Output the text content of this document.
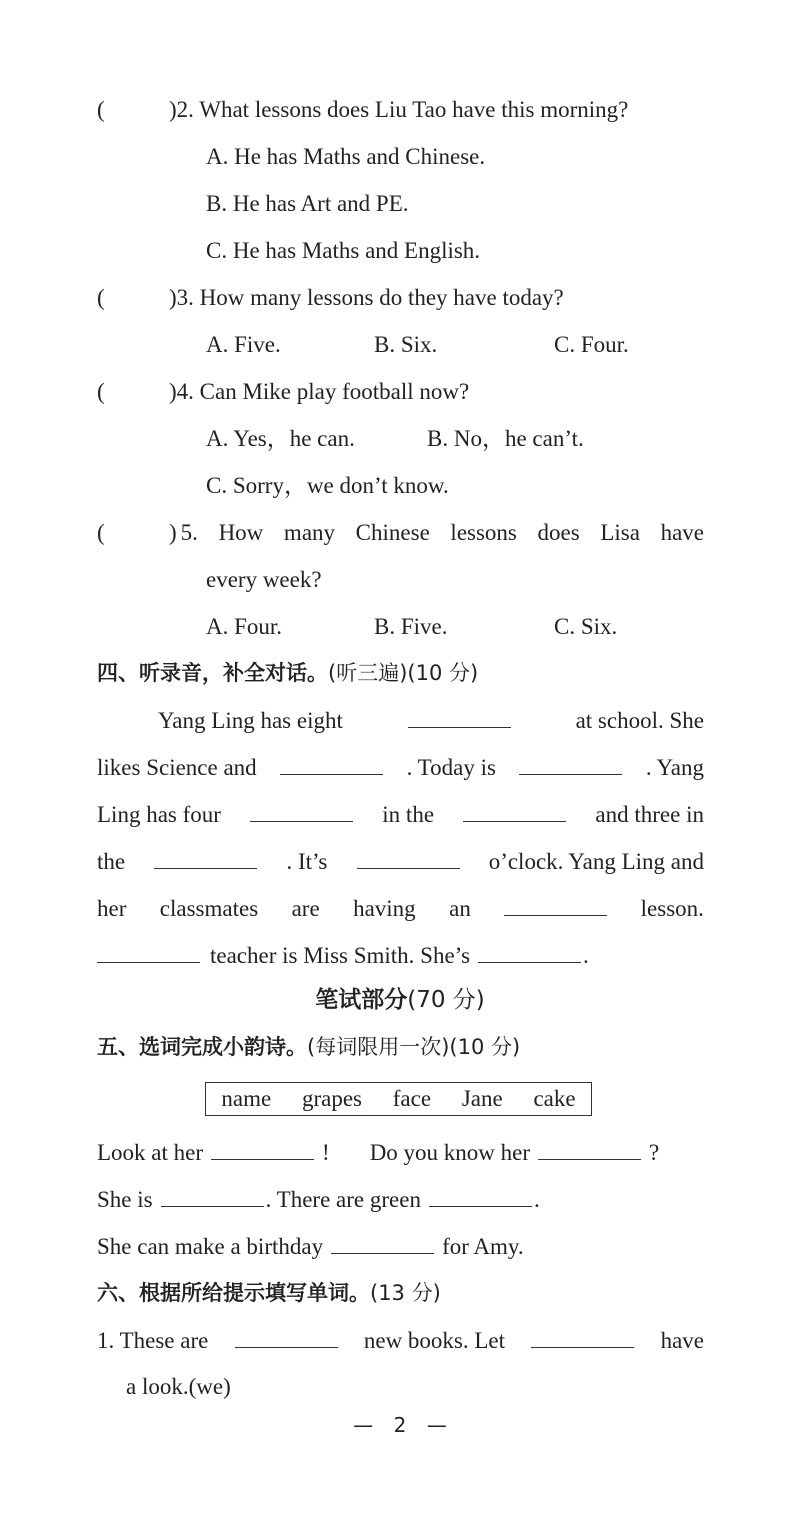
(	)2. What lessons does Liu Tao have this morning?
A. He has Maths and Chinese.
B. He has Art and PE.
C. He has Maths and English.
(	)3. How many lessons do they have today?
A. Five.	B. Six.	C. Four.
(	)4. Can Mike play football now?
A. Yes，he can.	B. No，he can’t.
C. Sorry，we don’t know.
(	) 5. How many Chinese lessons does Lisa have
every week?
A. Four.	B. Five.	C. Six.
四、听录音，补全对话。(听三遍)(10 分)
Yang Ling has eight	at school. She
likes Science and	. Today is	. Yang
Ling has four	in the	and three in
the	. It’s	o’clock. Yang Ling and
her classmates are having an	lesson.
teacher is Miss Smith. She’s	.
笔试部分(70 分)
五、选词完成小韵诗。(每词限用一次)(10 分)
name grapes face Jane cake
Look at her	! Do you know her	?
She is	. There are green	.
She can make a birthday	for Amy.
六、根据所给提示填写单词。(13 分)
1. These are	new books. Let	have
a look.(we)
— 2 —
